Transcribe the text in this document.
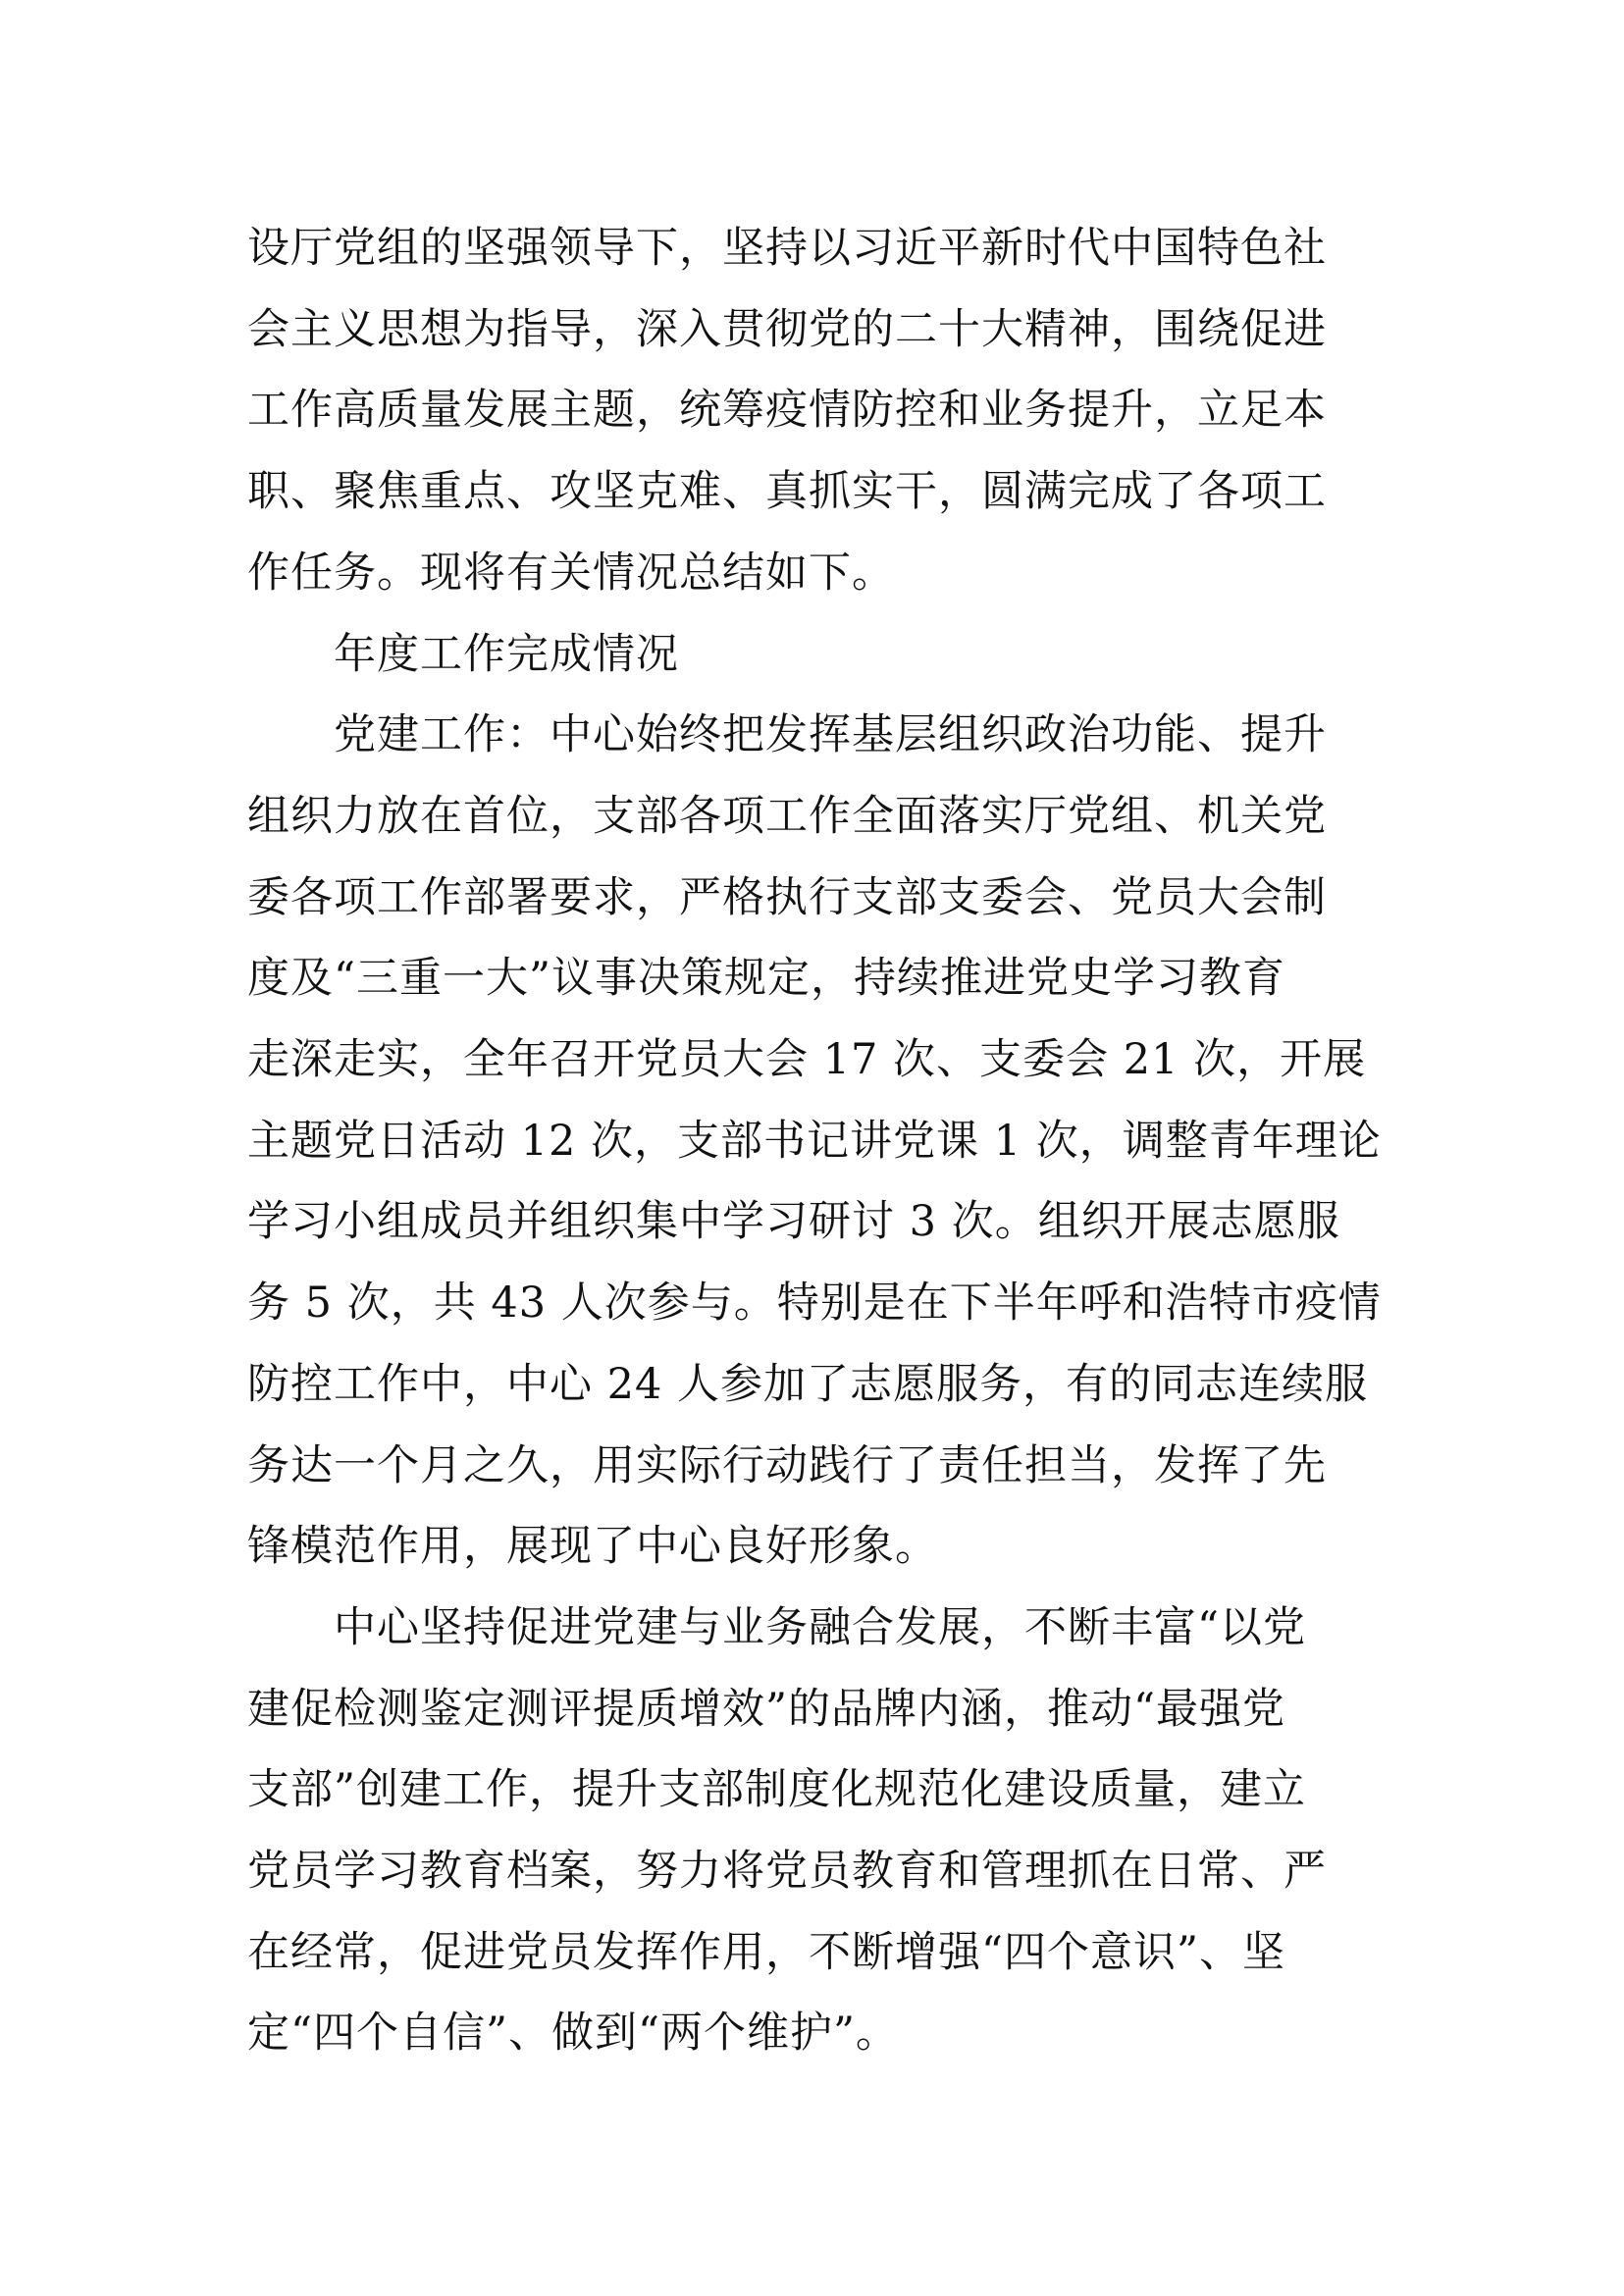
设厅党组的坚强领导下，坚持以习近平新时代中国特色社
会主义思想为指导，深入贯彻党的二十大精神，围绕促进
工作高质量发展主题，统筹疫情防控和业务提升，立足本
职、聚焦重点、攻坚克难、真抓实干，圆满完成了各项工
作任务。现将有关情况总结如下。

年度工作完成情况

党建工作：中心始终把发挥基层组织政治功能、提升
组织力放在首位，支部各项工作全面落实厅党组、机关党
委各项工作部署要求，严格执行支部支委会、党员大会制
度及“三重一大”议事决策规定，持续推进党史学习教育
走深走实，全年召开党员大会 17 次、支委会 21 次，开展
主题党日活动 12 次，支部书记讲党课 1 次，调整青年理论
学习小组成员并组织集中学习研讨 3 次。组织开展志愿服
务 5 次，共 43 人次参与。特别是在下半年呼和浩特市疫情
防控工作中，中心 24 人参加了志愿服务，有的同志连续服
务达一个月之久，用实际行动践行了责任担当，发挥了先
锋模范作用，展现了中心良好形象。

中心坚持促进党建与业务融合发展，不断丰富“以党
建促检测鉴定测评提质增效”的品牌内涵，推动“最强党
支部”创建工作，提升支部制度化规范化建设质量，建立
党员学习教育档案，努力将党员教育和管理抓在日常、严
在经常，促进党员发挥作用，不断增强“四个意识”、坚
定“四个自信”、做到“两个维护”。
